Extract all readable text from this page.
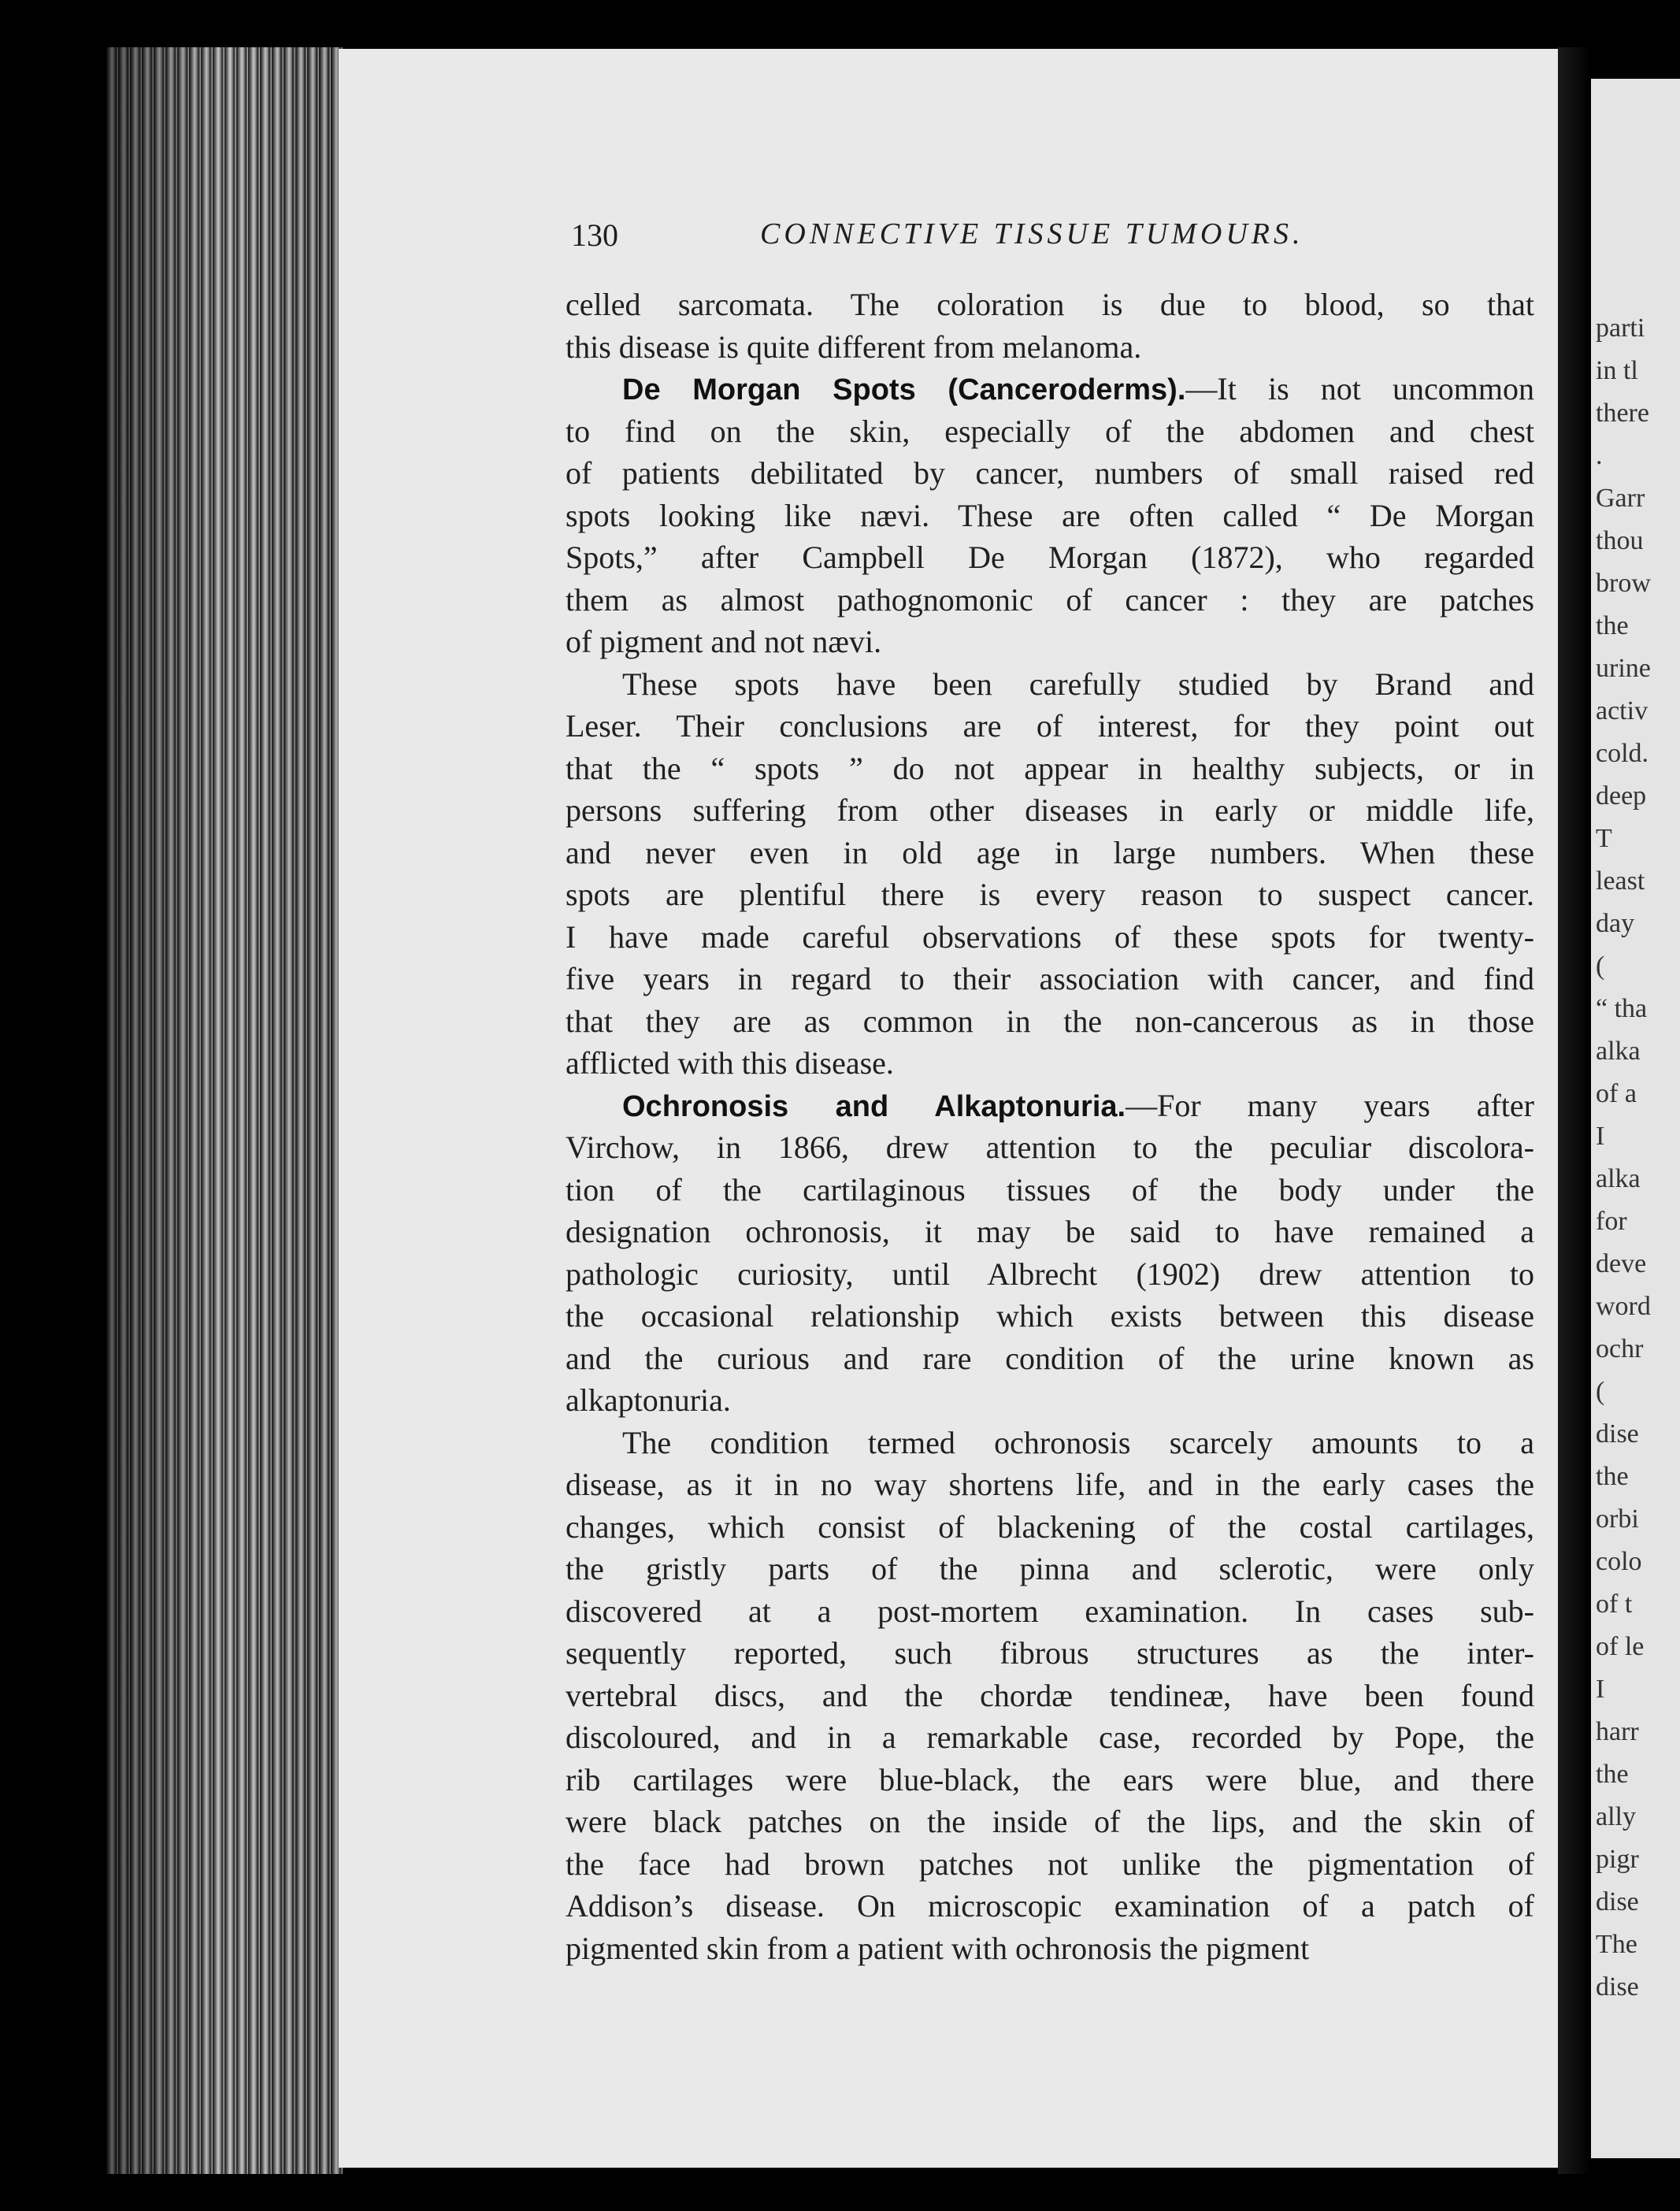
parti
in tl
there
.
Garr
thou
brow
the
urine
activ
cold.
deep
T
least
day
(
“ tha
alka
of a
I
alka
for
deve
word
ochr
(
dise
the
orbi
colo
of t
of le
I
harr
the
ally
pigr
dise
The
dise
130	CONNECTIVE TISSUE TUMOURS.
celled sarcomata. The coloration is due to blood, so that
this disease is quite different from melanoma.
De Morgan Spots (Canceroderms).—It is not uncommon
to find on the skin, especially of the abdomen and chest
of patients debilitated by cancer, numbers of small raised red
spots looking like nævi. These are often called “ De Morgan
Spots,” after Campbell De Morgan (1872), who regarded
them as almost pathognomonic of cancer : they are patches
of pigment and not nævi.
These spots have been carefully studied by Brand and
Leser. Their conclusions are of interest, for they point out
that the “ spots ” do not appear in healthy subjects, or in
persons suffering from other diseases in early or middle life,
and never even in old age in large numbers. When these
spots are plentiful there is every reason to suspect cancer.
I have made careful observations of these spots for twenty-
five years in regard to their association with cancer, and find
that they are as common in the non-cancerous as in those
afflicted with this disease.
Ochronosis and Alkaptonuria.—For many years after
Virchow, in 1866, drew attention to the peculiar discolora-
tion of the cartilaginous tissues of the body under the
designation ochronosis, it may be said to have remained a
pathologic curiosity, until Albrecht (1902) drew attention to
the occasional relationship which exists between this disease
and the curious and rare condition of the urine known as
alkaptonuria.
The condition termed ochronosis scarcely amounts to a
disease, as it in no way shortens life, and in the early cases the
changes, which consist of blackening of the costal cartilages,
the gristly parts of the pinna and sclerotic, were only
discovered at a post-mortem examination. In cases sub-
sequently reported, such fibrous structures as the inter-
vertebral discs, and the chordæ tendineæ, have been found
discoloured, and in a remarkable case, recorded by Pope, the
rib cartilages were blue-black, the ears were blue, and there
were black patches on the inside of the lips, and the skin of
the face had brown patches not unlike the pigmentation of
Addison’s disease. On microscopic examination of a patch of
pigmented skin from a patient with ochronosis the pigment
